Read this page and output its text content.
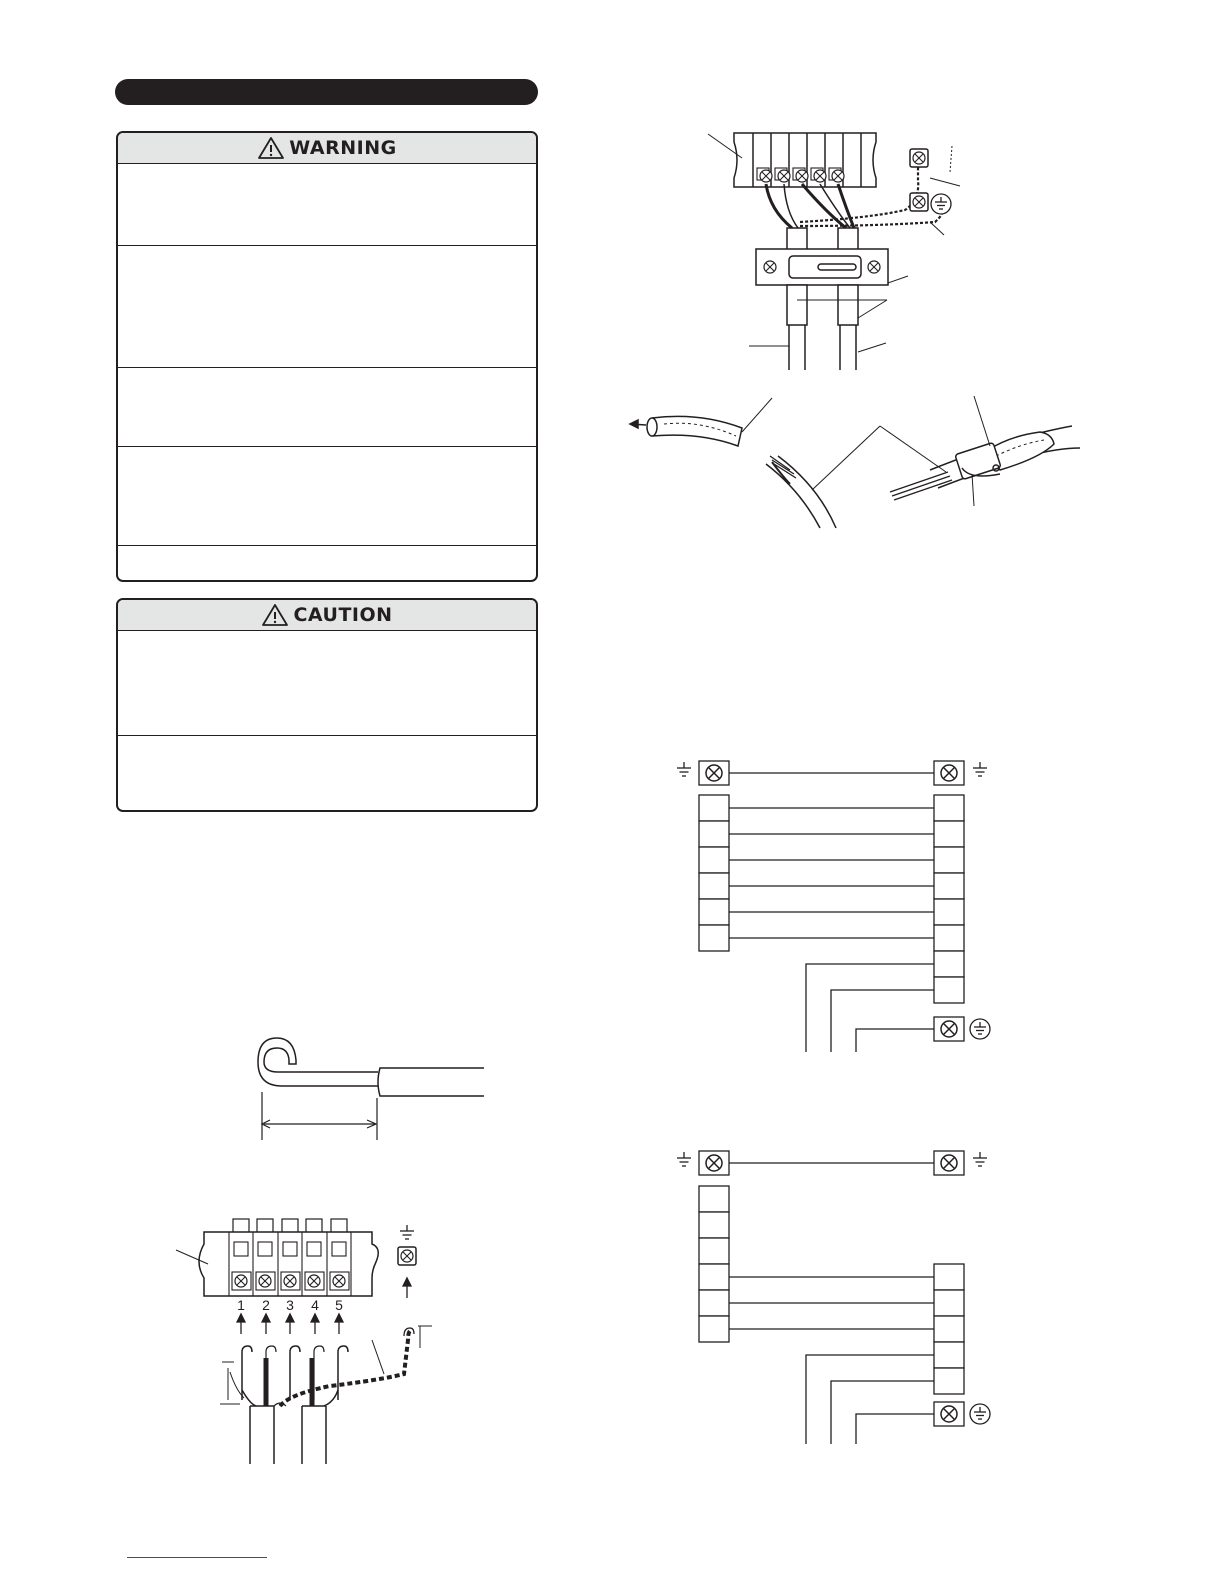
WARNING
CAUTION
1 2 3 4 5
